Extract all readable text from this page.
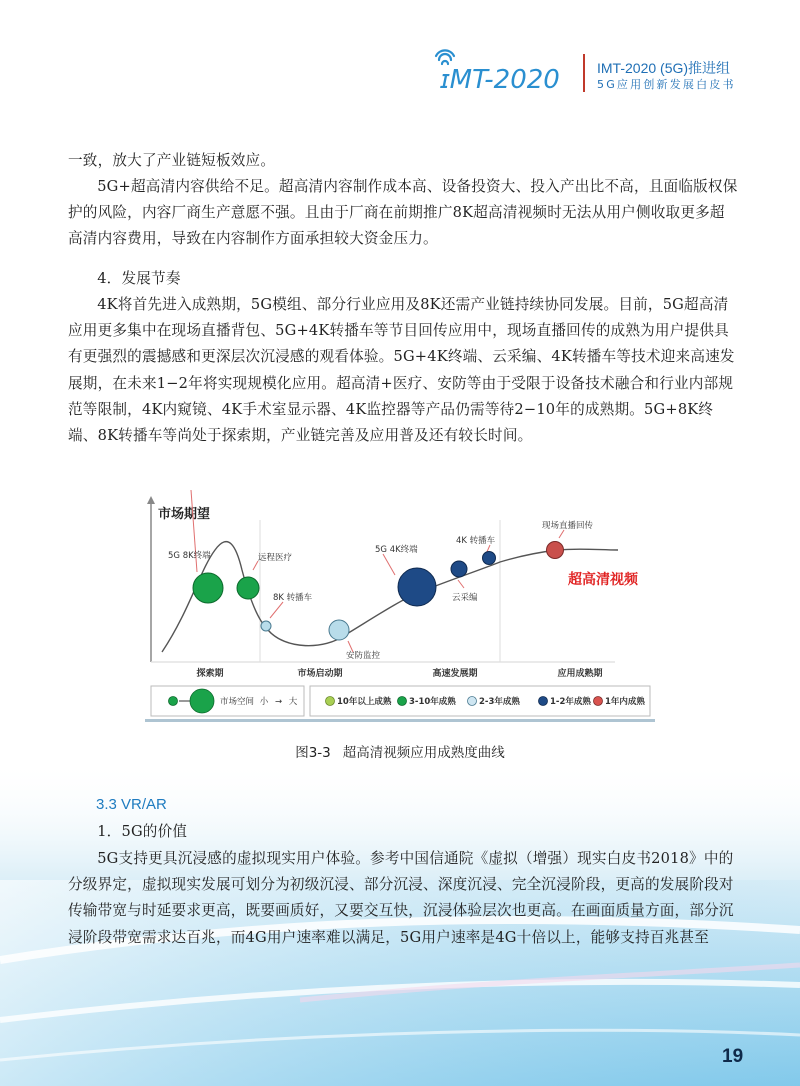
ɪMT-2020	IMT-2020 (5G)推进组
5G应用创新发展白皮书

一致，放大了产业链短板效应。

5G+超高清内容供给不足。超高清内容制作成本高、设备投资大、投入产出比不高，且面临版权保护的风险，内容厂商生产意愿不强。且由于厂商在前期推广8K超高清视频时无法从用户侧收取更多超高清内容费用，导致在内容制作方面承担较大资金压力。

4．发展节奏

4K将首先进入成熟期，5G模组、部分行业应用及8K还需产业链持续协同发展。目前，5G超高清应用更多集中在现场直播背包、5G+4K转播车等节目回传应用中，现场直播回传的成熟为用户提供具有更强烈的震撼感和更深层次沉浸感的观看体验。5G+4K终端、云采编、4K转播车等技术迎来高速发展期，在未来1−2年将实现规模化应用。超高清+医疗、安防等由于受限于设备技术融合和行业内部规范等限制，4K内窥镜、4K手术室显示器、4K监控器等产品仍需等待2−10年的成熟期。5G+8K终端、8K转播车等尚处于探索期，产业链完善及应用普及还有较长时间。

市场期望
5G 8K终端	远程医疗
8K 转播车
安防监控
5G 4K终端
云采编
4K 转播车
现场直播回传
超高清视频
探索期	市场启动期	高速发展期	应用成熟期
市场空间 小 → 大	10年以上成熟 3-10年成熟	2-3年成熟	1-2年成熟 1年内成熟
图3-3 超高清视频应用成熟度曲线
3.3 VR/AR

1．5G的价值

5G支持更具沉浸感的虚拟现实用户体验。参考中国信通院《虚拟（增强）现实白皮书2018》中的分级界定，虚拟现实发展可划分为初级沉浸、部分沉浸、深度沉浸、完全沉浸阶段，更高的发展阶段对传输带宽与时延要求更高，既要画质好，又要交互快，沉浸体验层次也更高。在画面质量方面，部分沉浸阶段带宽需求达百兆，而4G用户速率难以满足，5G用户速率是4G十倍以上，能够支持百兆甚至

19
